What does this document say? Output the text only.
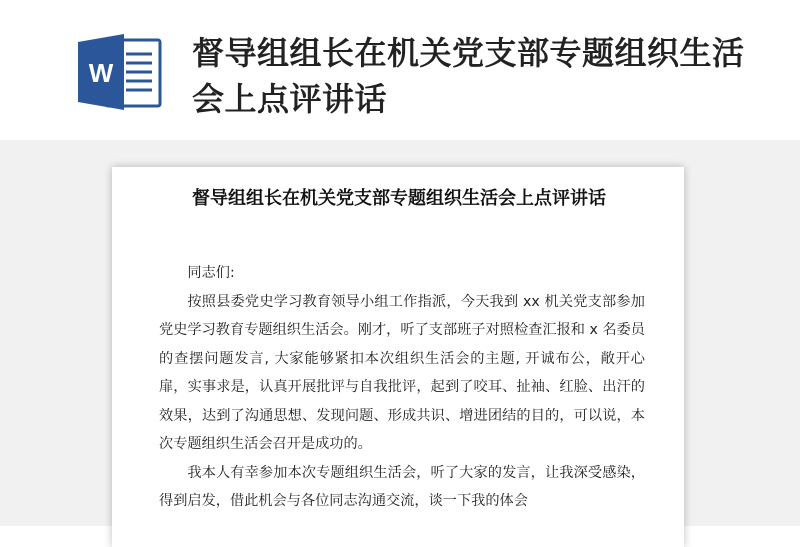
W
督导组组长在机关党支部专题组织生活会上点评讲话
督导组组长在机关党支部专题组织生活会上点评讲话

同志们:

按照县委党史学习教育领导小组工作指派，今天我到 xx 机关党支部参加党史学习教育专题组织生活会。刚才，听了支部班子对照检查汇报和 x 名委员的查摆问题发言, 大家能够紧扣本次组织生活会的主题, 开诚布公，敞开心扉，实事求是，认真开展批评与自我批评，起到了咬耳、扯袖、红脸、出汗的效果，达到了沟通思想、发现问题、形成共识、增进团结的目的，可以说，本次专题组织生活会召开是成功的。

我本人有幸参加本次专题组织生活会，听了大家的发言，让我深受感染，得到启发，借此机会与各位同志沟通交流，谈一下我的体会
